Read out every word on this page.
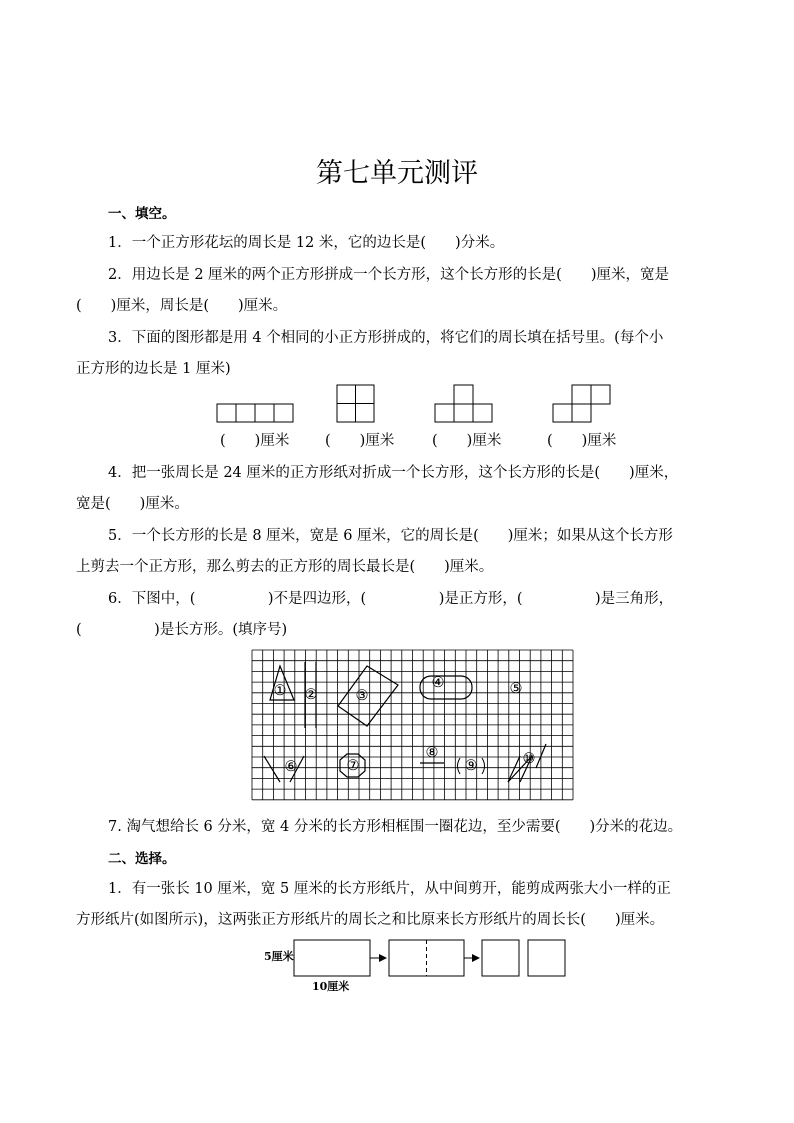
第七单元测评
一、填空。
1．一个正方形花坛的周长是 12 米，它的边长是(　　)分米。
2．用边长是 2 厘米的两个正方形拼成一个长方形，这个长方形的长是(　　)厘米，宽是
(　　)厘米，周长是(　　)厘米。
3．下面的图形都是用 4 个相同的小正方形拼成的，将它们的周长填在括号里。(每个小
正方形的边长是 1 厘米)
(　　)厘米 (　　)厘米	(　　)厘米	(　　)厘米
4．把一张周长是 24 厘米的正方形纸对折成一个长方形，这个长方形的长是(　　)厘米，
宽是(　　)厘米。
5．一个长方形的长是 8 厘米，宽是 6 厘米，它的周长是(　　)厘米；如果从这个长方形
上剪去一个正方形，那么剪去的正方形的周长最长是(　　)厘米。
6．下图中，(　　　　　)不是四边形，(　　　　　)是正方形，(　　　　　)是三角形，
(　　　　　)是长方形。(填序号)
① ②	③
④	⑤
⑥	⑦
⑧
⑨	⑩
7. 淘气想给长 6 分米，宽 4 分米的长方形相框围一圈花边，至少需要(　　)分米的花边。
二、选择。
1．有一张长 10 厘米，宽 5 厘米的长方形纸片，从中间剪开，能剪成两张大小一样的正
方形纸片(如图所示)，这两张正方形纸片的周长之和比原来长方形纸片的周长长(　　)厘米。
5厘米
10厘米
